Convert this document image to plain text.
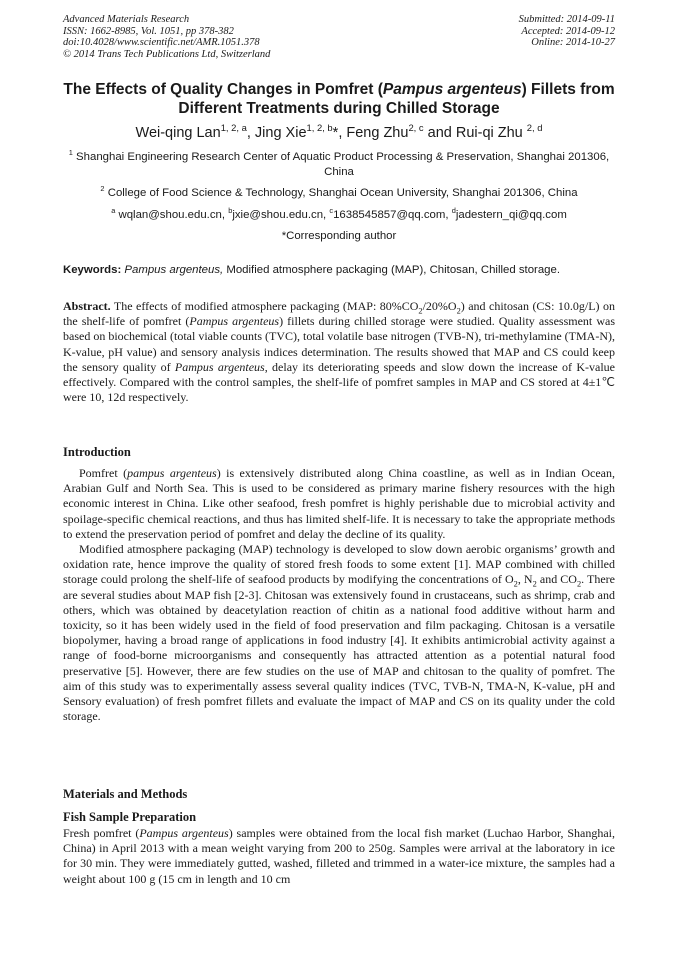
Advanced Materials Research
ISSN: 1662-8985, Vol. 1051, pp 378-382
doi:10.4028/www.scientific.net/AMR.1051.378
© 2014 Trans Tech Publications Ltd, Switzerland
Submitted: 2014-09-11
Accepted: 2014-09-12
Online: 2014-10-27
The Effects of Quality Changes in Pomfret (Pampus argenteus) Fillets from Different Treatments during Chilled Storage
Wei-qing Lan$^{1, 2, a}$, Jing Xie$^{1, 2, b}$*, Feng Zhu$^{2, c}$ and Rui-qi Zhu $^{2, d}$
$^1$ Shanghai Engineering Research Center of Aquatic Product Processing & Preservation, Shanghai 201306, China
$^2$ College of Food Science & Technology, Shanghai Ocean University, Shanghai 201306, China
$^a$ wqlan@shou.edu.cn, $^b$jxie@shou.edu.cn, $^c$1638545857@qq.com, $^d$jadestern_qi@qq.com
*Corresponding author
Keywords: Pampus argenteus, Modified atmosphere packaging (MAP), Chitosan, Chilled storage.

Abstract. The effects of modified atmosphere packaging (MAP: $80\%CO_2/20\%O_2$) and chitosan (CS: 10.0g/L) on the shelf-life of pomfret (Pampus argenteus) fillets during chilled storage were studied. Quality assessment was based on biochemical (total viable counts (TVC), total volatile base nitrogen (TVB-N), tri-methylamine (TMA-N), K-value, pH value) and sensory analysis indices determination. The results showed that MAP and CS could keep the sensory quality of Pampus argenteus, delay its deteriorating speeds and slow down the increase of K-value effectively. Compared with the control samples, the shelf-life of pomfret samples in MAP and CS stored at 4±1℃ were 10, 12d respectively.

Introduction

Pomfret (pampus argenteus) is extensively distributed along China coastline, as well as in Indian Ocean, Arabian Gulf and North Sea. This is used to be considered as primary marine fishery resources with the high economic interest in China. Like other seafood, fresh pomfret is highly perishable due to microbial activity and spoilage-specific chemical reactions, and thus has limited shelf-life. It is necessary to take the appropriate methods to extend the preservation period of pomfret and delay the decline of its quality.

Modified atmosphere packaging (MAP) technology is developed to slow down aerobic organisms’ growth and oxidation rate, hence improve the quality of stored fresh foods to some extent [1]. MAP combined with chilled storage could prolong the shelf-life of seafood products by modifying the concentrations of $O_2$, $N_2$ and $CO_2$. There are several studies about MAP fish [2-3]. Chitosan was extensively found in crustaceans, such as shrimp, crab and others, which was obtained by deacetylation reaction of chitin as a national food additive without harm and toxicity, so it has been widely used in the field of food preservation and film packaging. Chitosan is a versatile biopolymer, having a broad range of applications in food industry [4]. It exhibits antimicrobial activity against a range of food-borne microorganisms and consequently has attracted attention as a potential natural food preservative [5]. However, there are few studies on the use of MAP and chitosan to the quality of pomfret. The aim of this study was to experimentally assess several quality indices (TVC, TVB-N, TMA-N, K-value, pH and Sensory evaluation) of fresh pomfret fillets and evaluate the impact of MAP and CS on its quality under the cold storage.

Materials and Methods
Fish Sample Preparation

Fresh pomfret (Pampus argenteus) samples were obtained from the local fish market (Luchao Harbor, Shanghai, China) in April 2013 with a mean weight varying from 200 to 250g. Samples were arrival at the laboratory in ice for 30 min. They were immediately gutted, washed, filleted and trimmed in a water-ice mixture, the samples had a weight about 100 g (15 cm in length and 10 cm
